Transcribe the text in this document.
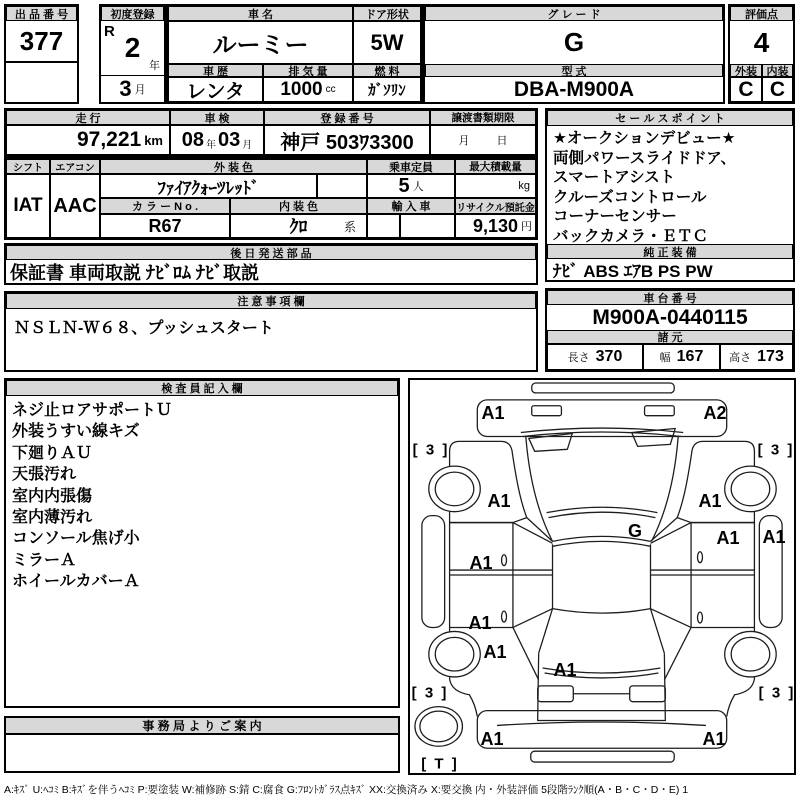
出 品 番 号
377
初度登録
R
2
年
3 月
車 名	ドア形状
ルーミー	5W
車 歴	排 気 量	燃 料
レンタ	1000 cc	ｶﾞｿﾘﾝ
グ レ ー ド
G
型 式
DBA-M900A
評価点
4
外装 内装
C C
走 行
97,221 km
車 検
08 年 03 月
登 録 番 号
神戸 503ﾜ3300
譲渡書類期限
月 日
シフト
IAT
エアコン
AAC
外 装 色
ﾌｧｲｱｸｫｰﾂﾚｯﾄﾞ
乗車定員
5 人
最大積載量
kg
カ ラ ー N o .
R67
内 装 色
ｸﾛ	系
輸 入 車	リサイクル預託金
9,130 円
後 日 発 送 部 品
保証書 車両取説 ﾅﾋﾞﾛﾑ ﾅﾋﾞ取説
注 意 事 項 欄
ＮＳＬＮ-Ｗ６８、プッシュスタート
セ ー ル ス ポ イ ン ト
★オークションデビュー★
両側パワースライドドア、
スマートアシスト
クルーズコントロール
コーナーセンサー
バックカメラ・ＥＴＣ
純 正 装 備
ﾅﾋﾞ ABS ｴｱB PS PW
車 台 番 号
M900A-0440115
諸 元
長さ 370	幅 167 高さ 173
検 査 員 記 入 欄
ネジ止ロアサポートＵ
外装うすい線キズ
下廻りＡＵ
天張汚れ
室内内張傷
室内薄汚れ
コンソール焦げ小
ミラーＡ
ホイールカバーＡ
事 務 局 よ り ご 案 内
A1	A2
[ 3 ]	[ 3 ]
A1	A1
G	A1 A1
A1
A1
A1
A1
[ 3 ]	[ 3 ]
A1	A1
[ T ]
A:ｷｽﾞ U:ﾍｺﾐ B:ｷｽﾞを伴うﾍｺﾐ P:要塗装 W:補修跡 S:錆 C:腐食 G:ﾌﾛﾝﾄｶﾞﾗｽ点ｷｽﾞ XX:交換済み X:要交換 内・外装評価 5段階ﾗﾝｸ順(A・B・C・D・E) 1
